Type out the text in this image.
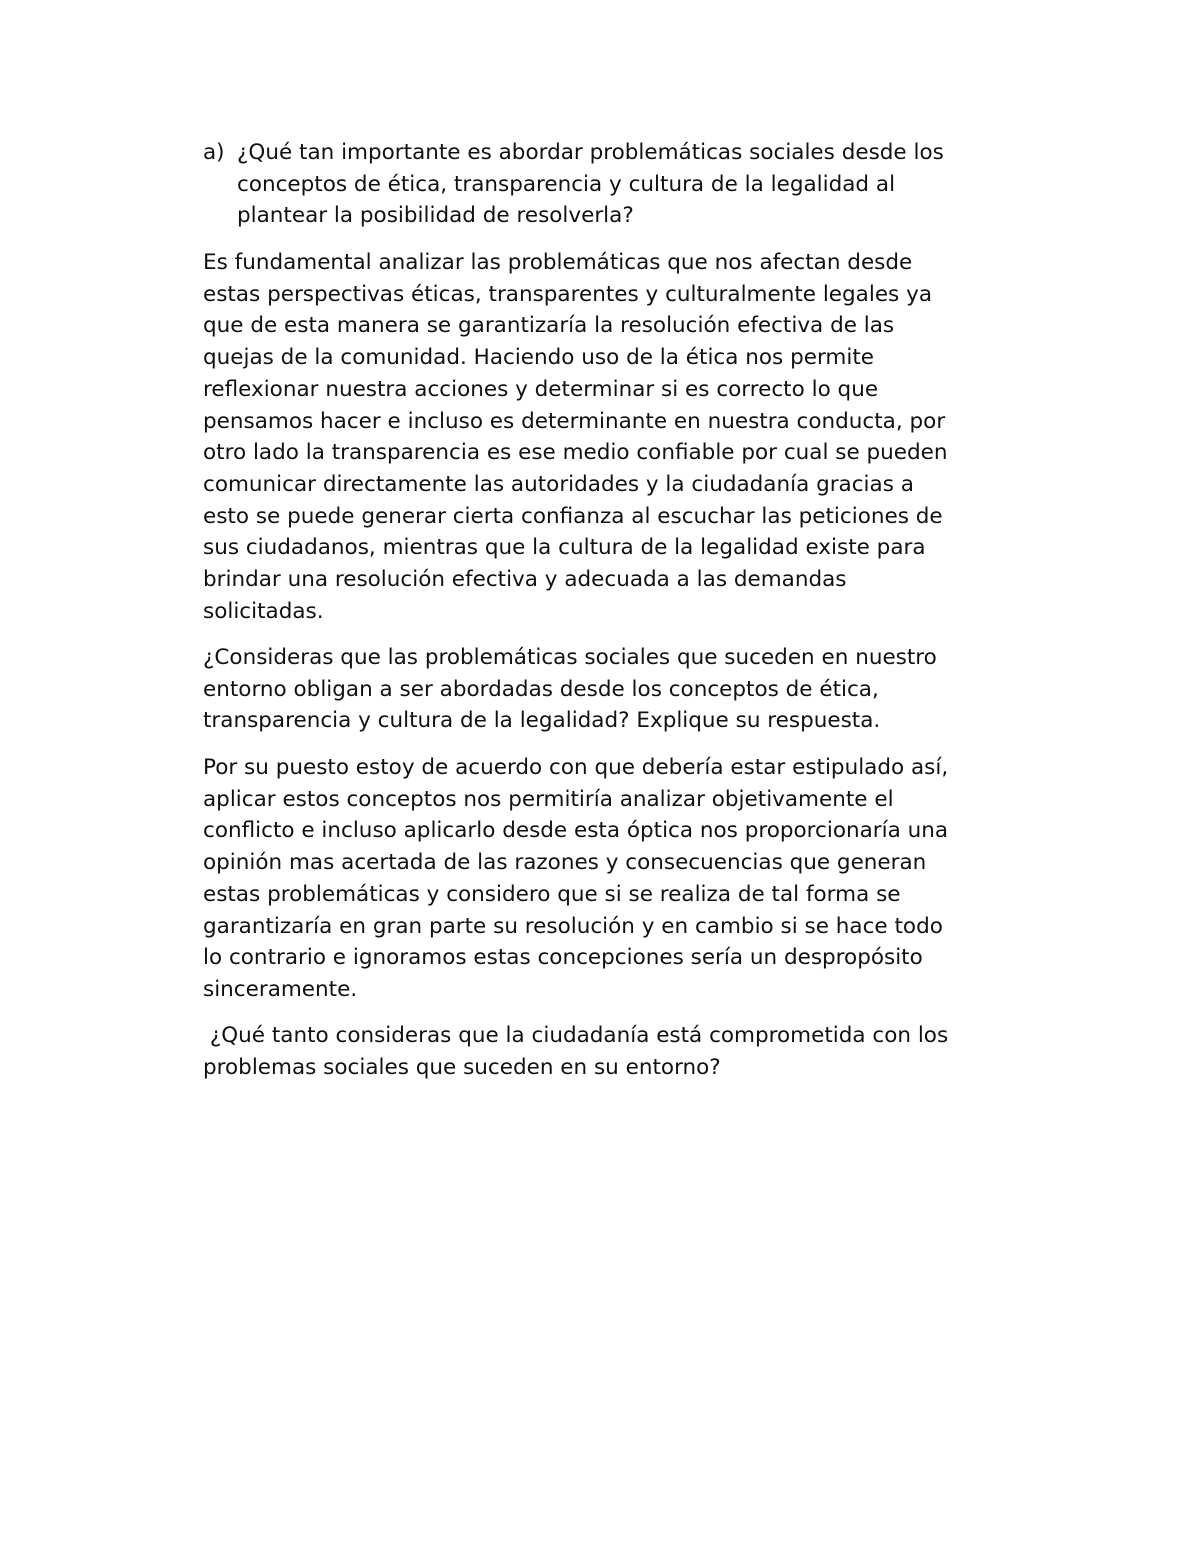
a) ¿Qué tan importante es abordar problemáticas sociales desde los
conceptos de ética, transparencia y cultura de la legalidad al
plantear la posibilidad de resolverla?
Es fundamental analizar las problemáticas que nos afectan desde
estas perspectivas éticas, transparentes y culturalmente legales ya
que de esta manera se garantizaría la resolución efectiva de las
quejas de la comunidad. Haciendo uso de la ética nos permite
reflexionar nuestra acciones y determinar si es correcto lo que
pensamos hacer e incluso es determinante en nuestra conducta, por
otro lado la transparencia es ese medio confiable por cual se pueden
comunicar directamente las autoridades y la ciudadanía gracias a
esto se puede generar cierta confianza al escuchar las peticiones de
sus ciudadanos, mientras que la cultura de la legalidad existe para
brindar una resolución efectiva y adecuada a las demandas
solicitadas.
¿Consideras que las problemáticas sociales que suceden en nuestro
entorno obligan a ser abordadas desde los conceptos de ética,
transparencia y cultura de la legalidad? Explique su respuesta.
Por su puesto estoy de acuerdo con que debería estar estipulado así,
aplicar estos conceptos nos permitiría analizar objetivamente el
conflicto e incluso aplicarlo desde esta óptica nos proporcionaría una
opinión mas acertada de las razones y consecuencias que generan
estas problemáticas y considero que si se realiza de tal forma se
garantizaría en gran parte su resolución y en cambio si se hace todo
lo contrario e ignoramos estas concepciones sería un despropósito
sinceramente.
¿Qué tanto consideras que la ciudadanía está comprometida con los
problemas sociales que suceden en su entorno?
